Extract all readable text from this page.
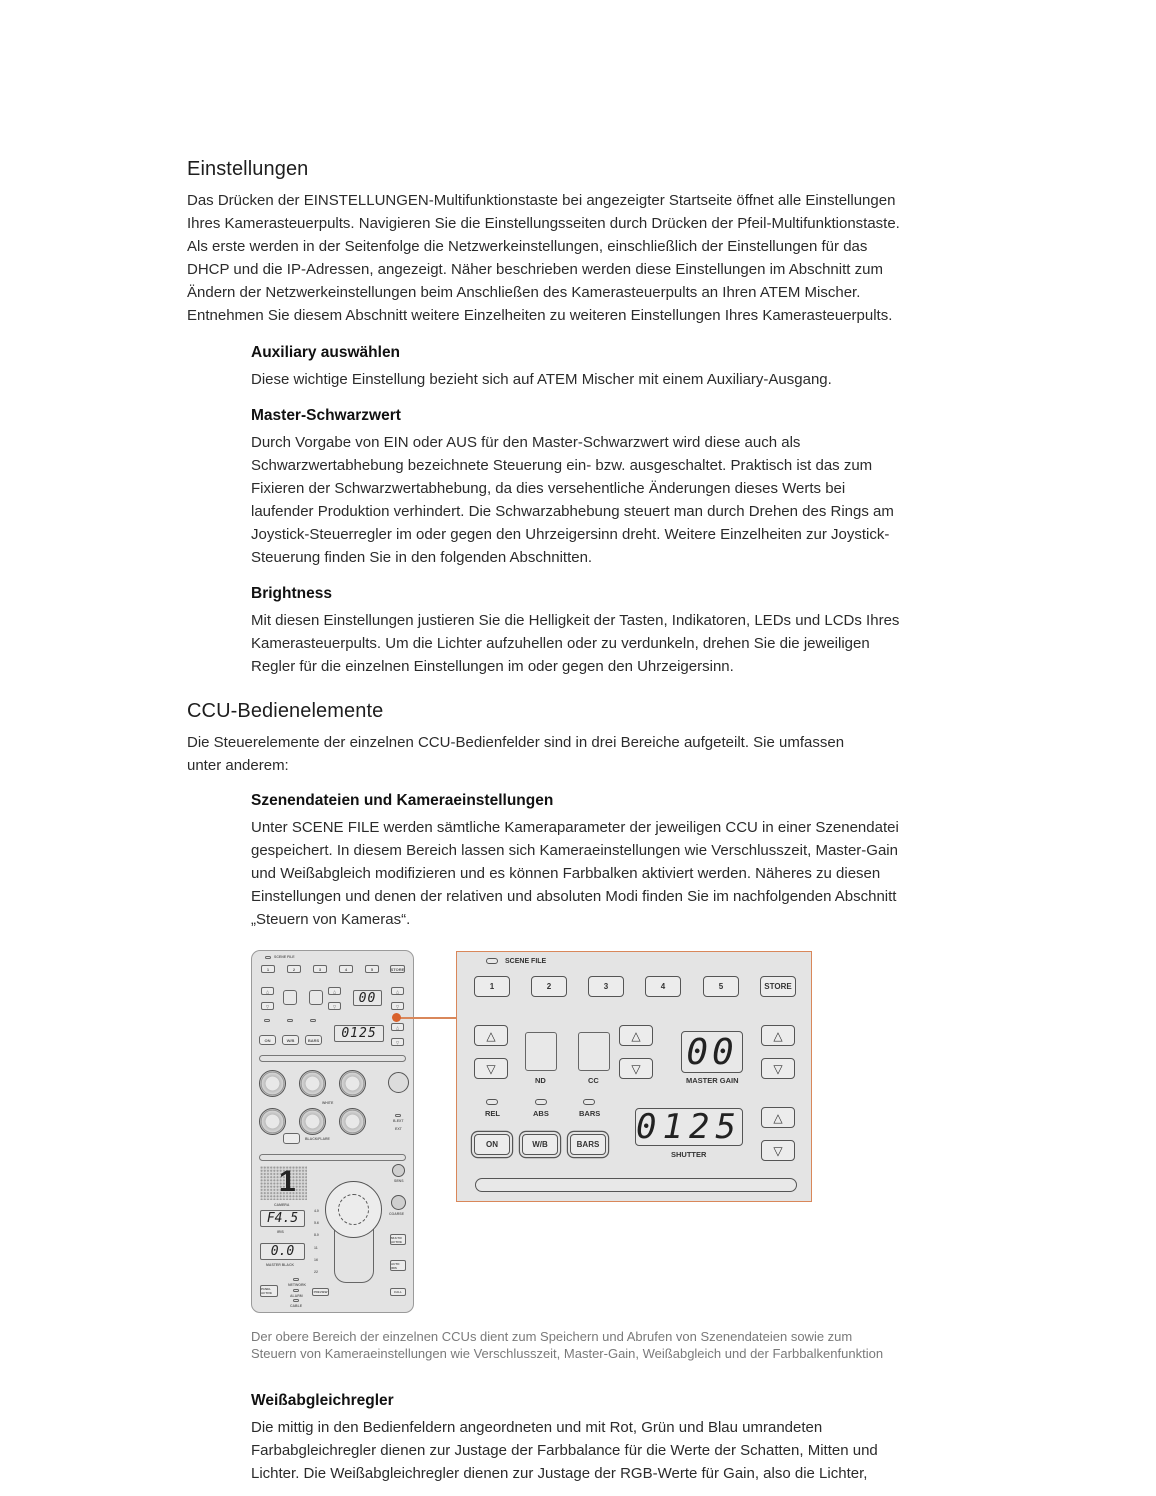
Einstellungen

Das Drücken der EINSTELLUNGEN-Multifunktionstaste bei angezeigter Startseite öffnet alle Einstellungen
Ihres Kamerasteuerpults. Navigieren Sie die Einstellungsseiten durch Drücken der Pfeil-Multifunktionstaste.
Als erste werden in der Seitenfolge die Netzwerkeinstellungen, einschließlich der Einstellungen für das
DHCP und die IP-Adressen, angezeigt. Näher beschrieben werden diese Einstellungen im Abschnitt zum
Ändern der Netzwerkeinstellungen beim Anschließen des Kamerasteuerpults an Ihren ATEM Mischer.
Entnehmen Sie diesem Abschnitt weitere Einzelheiten zu weiteren Einstellungen Ihres Kamerasteuerpults.

Auxiliary auswählen

Diese wichtige Einstellung bezieht sich auf ATEM Mischer mit einem Auxiliary-Ausgang.

Master-Schwarzwert

Durch Vorgabe von EIN oder AUS für den Master-Schwarzwert wird diese auch als
Schwarzwertabhebung bezeichnete Steuerung ein- bzw. ausgeschaltet. Praktisch ist das zum
Fixieren der Schwarzwertabhebung, da dies versehentliche Änderungen dieses Werts bei
laufender Produktion verhindert. Die Schwarzabhebung steuert man durch Drehen des Rings am
Joystick-Steuerregler im oder gegen den Uhrzeigersinn dreht. Weitere Einzelheiten zur Joystick-
Steuerung finden Sie in den folgenden Abschnitten.

Brightness

Mit diesen Einstellungen justieren Sie die Helligkeit der Tasten, Indikatoren, LEDs und LCDs Ihres
Kamerasteuerpults. Um die Lichter aufzuhellen oder zu verdunkeln, drehen Sie die jeweiligen
Regler für die einzelnen Einstellungen im oder gegen den Uhrzeigersinn.

CCU-Bedienelemente

Die Steuerelemente der einzelnen CCU-Bedienfelder sind in drei Bereiche aufgeteilt. Sie umfassen
unter anderem:

Szenendateien und Kameraeinstellungen

Unter SCENE FILE werden sämtliche Kameraparameter der jeweiligen CCU in einer Szenendatei
gespeichert. In diesem Bereich lassen sich Kameraeinstellungen wie Verschlusszeit, Master-Gain
und Weißabgleich modifizieren und es können Farbbalken aktiviert werden. Näheres zu diesen
Einstellungen und denen der relativen und absoluten Modi finden Sie im nachfolgenden Abschnitt
„Steuern von Kameras“.

SCENE FILE
1	2	3	4	5	STORE
△
▽
△
▽
00	△
▽
ON	W/B	BARS	0125	△
▽
WHITE
B-EXT
EXT
BLACK/FLARE
1
CAMERA
F4.5
IRIS
0.0
MASTER BLACK
4.0
5.6
8.0
11
16
22
SENS
COARSE
MULTIC ACTIVE
AUTO IRIS
CALL
PANEL ACTIVE
NETWORK
ALARM
CABLE
PREVIEW
SCENE FILE
1	2	3	4	5	STORE
△
▽
ND	CC
△
▽ 00
MASTER GAIN
△
▽
REL	ABS	BARS
ON	W/B	BARS 0125
SHUTTER
△
▽

Der obere Bereich der einzelnen CCUs dient zum Speichern und Abrufen von Szenendateien sowie zum
Steuern von Kameraeinstellungen wie Verschlusszeit, Master-Gain, Weißabgleich und der Farbbalkenfunktion

Weißabgleichregler

Die mittig in den Bedienfeldern angeordneten und mit Rot, Grün und Blau umrandeten
Farbabgleichregler dienen zur Justage der Farbbalance für die Werte der Schatten, Mitten und
Lichter. Die Weißabgleichregler dienen zur Justage der RGB-Werte für Gain, also die Lichter,
